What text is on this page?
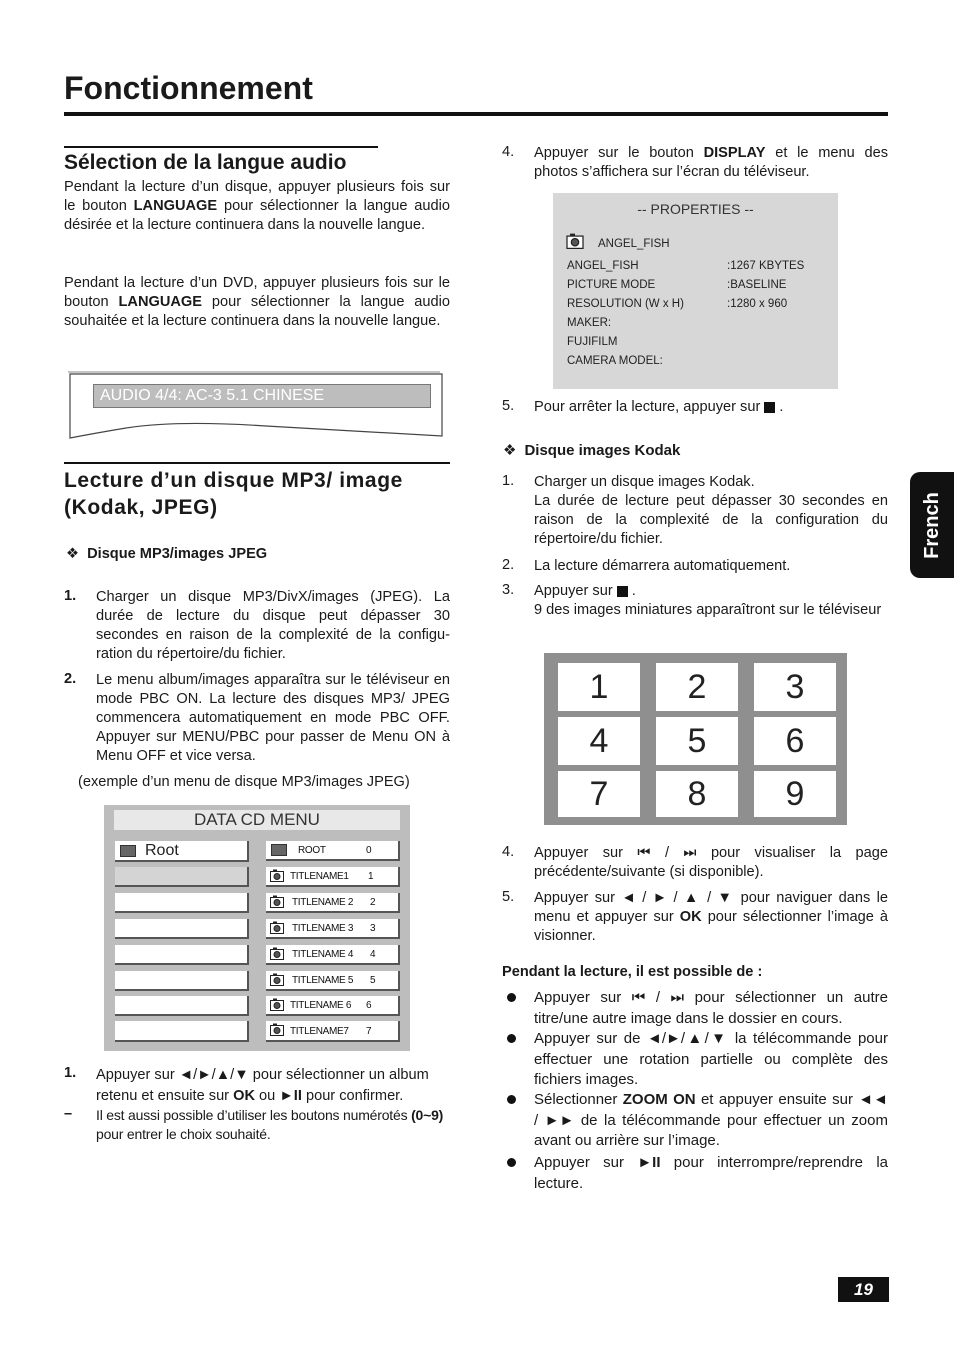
Fonctionnement
Sélection de la langue audio
Pendant la lecture d’un disque, appuyer plusieurs fois sur le bouton LANGUAGE pour sélectionner la langue audio désirée et la lecture continuera dans la nouvelle langue.
Pendant la lecture d’un DVD, appuyer plusieurs fois sur le bouton LANGUAGE pour sélectionner la langue audio souhaitée et la lecture continuera dans la nouvelle langue.
AUDIO 4/4: AC-3 5.1 CHINESE
Lecture d’un disque MP3/ image
(Kodak, JPEG)
❖ Disque MP3/images JPEG
1. Charger un disque MP3/DivX/images (JPEG). La durée de lecture du disque peut dépasser 30 secondes en raison de la complexité de la configu- ration du répertoire/du fichier.
2. Le menu album/images apparaîtra sur le téléviseur en mode PBC ON. La lecture des disques MP3/ JPEG commencera automatiquement en mode PBC OFF. Appuyer sur MENU/PBC pour passer de Menu ON à Menu OFF et vice versa.
(exemple d’un menu de disque MP3/images JPEG)
DATA CD MENU
Root	ROOT	0
TITLENAME1 1
TITLENAME 2 2
TITLENAME 3 3
TITLENAME 4 4
TITLENAME 5 5
TITLENAME 6 6
TITLENAME7 7
1. Appuyer sur ◄/►/▲/▼ pour sélectionner un album retenu et ensuite sur OK ou ►II pour confirmer.
– Il est aussi possible d’utiliser les boutons numérotés (0~9) pour entrer le choix souhaité.
4. Appuyer sur le bouton DISPLAY et le menu des photos s’affichera sur l’écran du téléviseur.
-- PROPERTIES --
ANGEL_FISH
ANGEL_FISH	:1267 KBYTES
PICTURE MODE	:BASELINE
RESOLUTION (W x H)	:1280 x 960
MAKER:
FUJIFILM
CAMERA MODEL:
5. Pour arrêter la lecture, appuyer sur  .
❖ Disque images Kodak
1. Charger un disque images Kodak.
La durée de lecture peut dépasser 30 secondes en raison de la complexité de la configuration du répertoire/du fichier.
2. La lecture démarrera automatiquement.
3. Appuyer sur  .
9 des images miniatures apparaîtront sur le téléviseur
1	2	3
4	5	6
7	8	9
4. Appuyer sur ⏮ / ⏭ pour visualiser la page précédente/suivante (si disponible).
5. Appuyer sur ◄ / ► / ▲ / ▼ pour naviguer dans le menu et appuyer sur OK pour sélectionner l’image à visionner.
Pendant la lecture, il est possible de :
Appuyer sur ⏮ / ⏭ pour sélectionner un autre titre/une autre image dans le dossier en cours.
Appuyer sur de ◄/►/▲/▼ la télécommande pour effectuer une rotation partielle ou complète des fichiers images.
Sélectionner ZOOM ON et appuyer ensuite sur ◄◄ / ►► de la télécommande pour effectuer un zoom avant ou arrière sur l’image.
Appuyer sur ►II pour interrompre/reprendre la lecture.
French
19
